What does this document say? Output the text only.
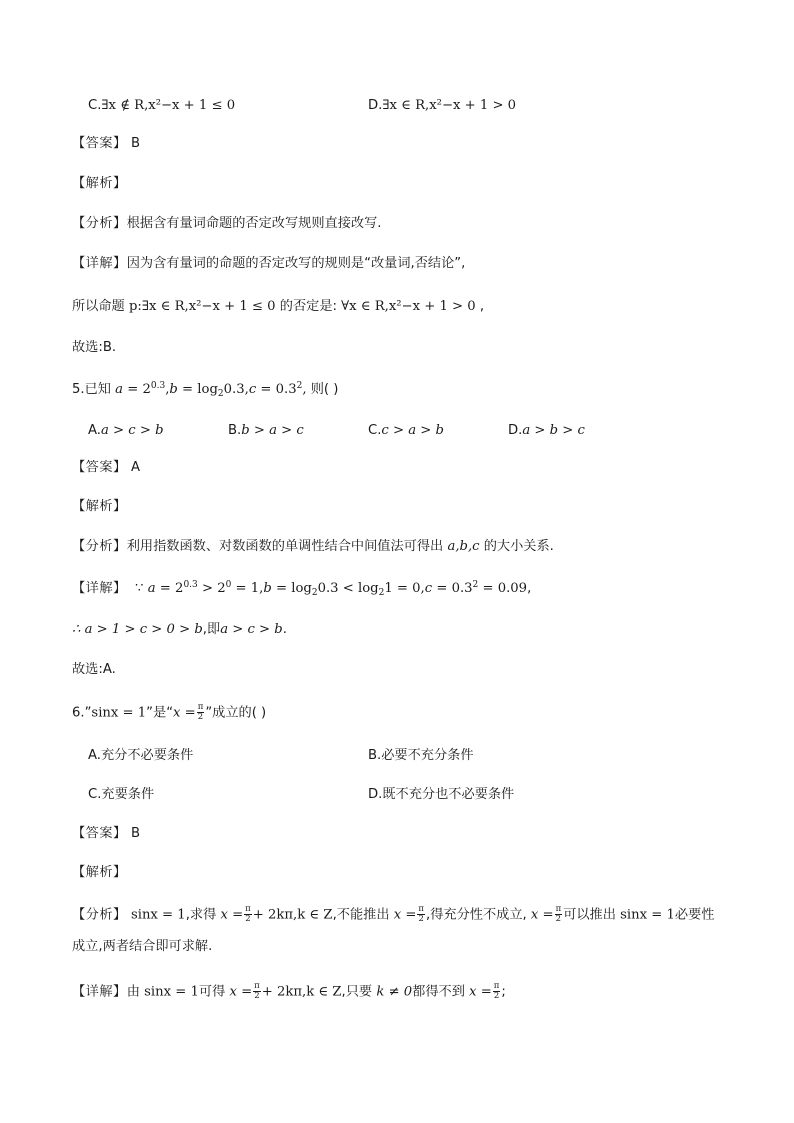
C.∃x ∉ R,x²−x + 1 ≤ 0	D.∃x ∈ R,x²−x + 1 > 0
【答案】 B
【解析】
【分析】根据含有量词命题的否定改写规则直接改写.
【详解】因为含有量词的命题的否定改写的规则是“改量词,否结论”,
所以命题 p:∃x ∈ R,x²−x + 1 ≤ 0 的否定是: ∀x ∈ R,x²−x + 1 > 0 ,
故选:B.
5.已知 $a = 2^{0.3},b = \log_20.3,c = 0.3^2$, 则( )
A.a > c > b	B.b > a > c	C.c > a > b	D.a > b > c
【答案】 A
【解析】
【分析】利用指数函数、对数函数的单调性结合中间值法可得出 a,b,c 的大小关系.
【详解】  ∵ $a = 2^{0.3} > 2^0 = 1,b = \log_20.3 < \log_21 = 0,c = 0.3^2 = 0.09$,
∴ a > 1 > c > 0 > b,即a > c > b.
故选:A.
6.”sinx = 1”是“$x = \frac{\pi}{2}$ ”成立的( )
A.充分不必要条件	B.必要不充分条件
C.充要条件	D.既不充分也不必要条件
【答案】 B
【解析】
【分析】 sinx = 1,求得 $x = \frac{\pi}{2} + 2k\pi,k$ ∈ Z,不能推出 $x = \frac{\pi}{2}$ ,得充分性不成立, $x = \frac{\pi}{2}$ 可以推出 sinx = 1必要性
成立,两者结合即可求解.
【详解】由 sinx = 1可得 $x = \frac{\pi}{2} + 2k\pi,k$ ∈ Z,只要 k ≠ 0都得不到 $x = \frac{\pi}{2}$ ;
